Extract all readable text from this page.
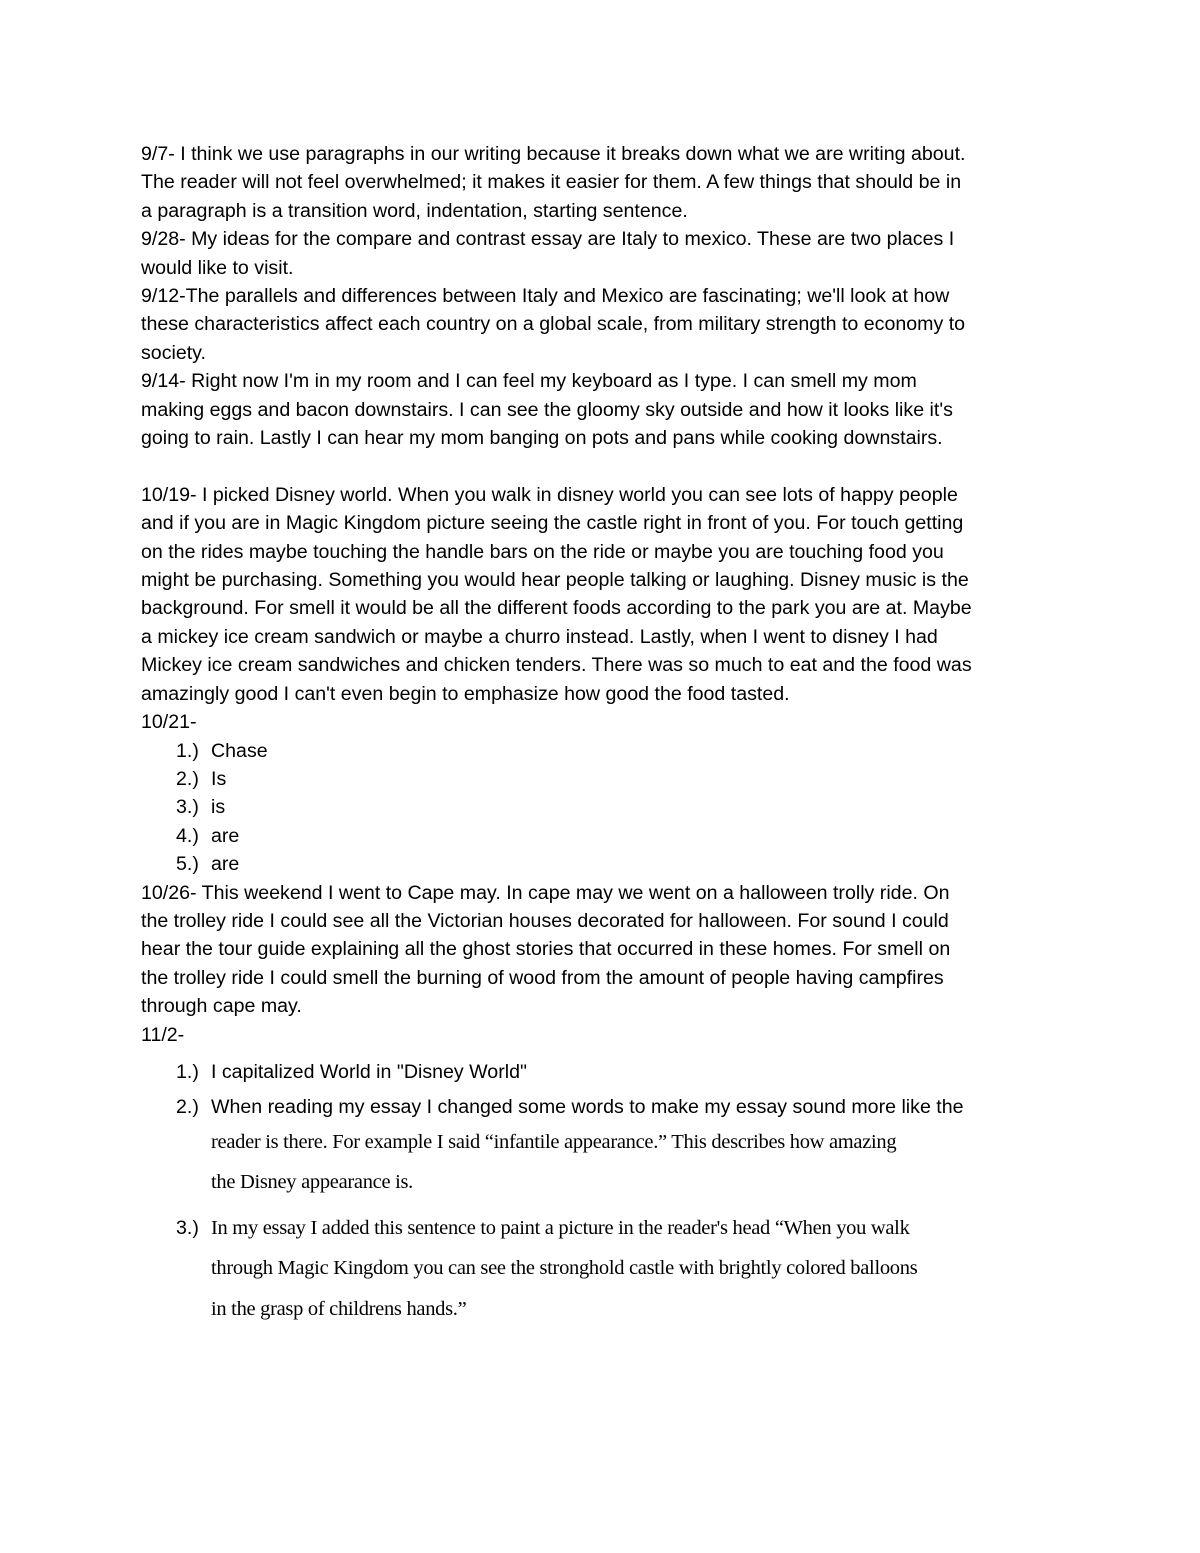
9/7- I think we use paragraphs in our writing because it breaks down what we are writing about.
The reader will not feel overwhelmed; it makes it easier for them. A few things that should be in
a paragraph is a transition word, indentation, starting sentence.
9/28- My ideas for the compare and contrast essay are Italy to mexico. These are two places I
would like to visit.
9/12-The parallels and differences between Italy and Mexico are fascinating; we'll look at how
these characteristics affect each country on a global scale, from military strength to economy to
society.
9/14- Right now I'm in my room and I can feel my keyboard as I type. I can smell my mom
making eggs and bacon downstairs. I can see the gloomy sky outside and how it looks like it's
going to rain. Lastly I can hear my mom banging on pots and pans while cooking downstairs.
10/19- I picked Disney world. When you walk in disney world you can see lots of happy people
and if you are in Magic Kingdom picture seeing the castle right in front of you. For touch getting
on the rides maybe touching the handle bars on the ride or maybe you are touching food you
might be purchasing. Something you would hear people talking or laughing. Disney music is the
background. For smell it would be all the different foods according to the park you are at. Maybe
a mickey ice cream sandwich or maybe a churro instead. Lastly, when I went to disney I had
Mickey ice cream sandwiches and chicken tenders. There was so much to eat and the food was
amazingly good I can't even begin to emphasize how good the food tasted.
10/21-
1.) Chase
2.) Is
3.) is
4.) are
5.) are
10/26- This weekend I went to Cape may. In cape may we went on a halloween trolly ride. On
the trolley ride I could see all the Victorian houses decorated for halloween. For sound I could
hear the tour guide explaining all the ghost stories that occurred in these homes. For smell on
the trolley ride I could smell the burning of wood from the amount of people having campfires
through cape may.
11/2-
1.) I capitalized World in "Disney World"
2.) When reading my essay I changed some words to make my essay sound more like the
reader is there. For example I said “infantile appearance.” This describes how amazing
the Disney appearance is.
3.) In my essay I added this sentence to paint a picture in the reader's head “When you walk
through Magic Kingdom you can see the stronghold castle with brightly colored balloons
in the grasp of childrens hands.”
